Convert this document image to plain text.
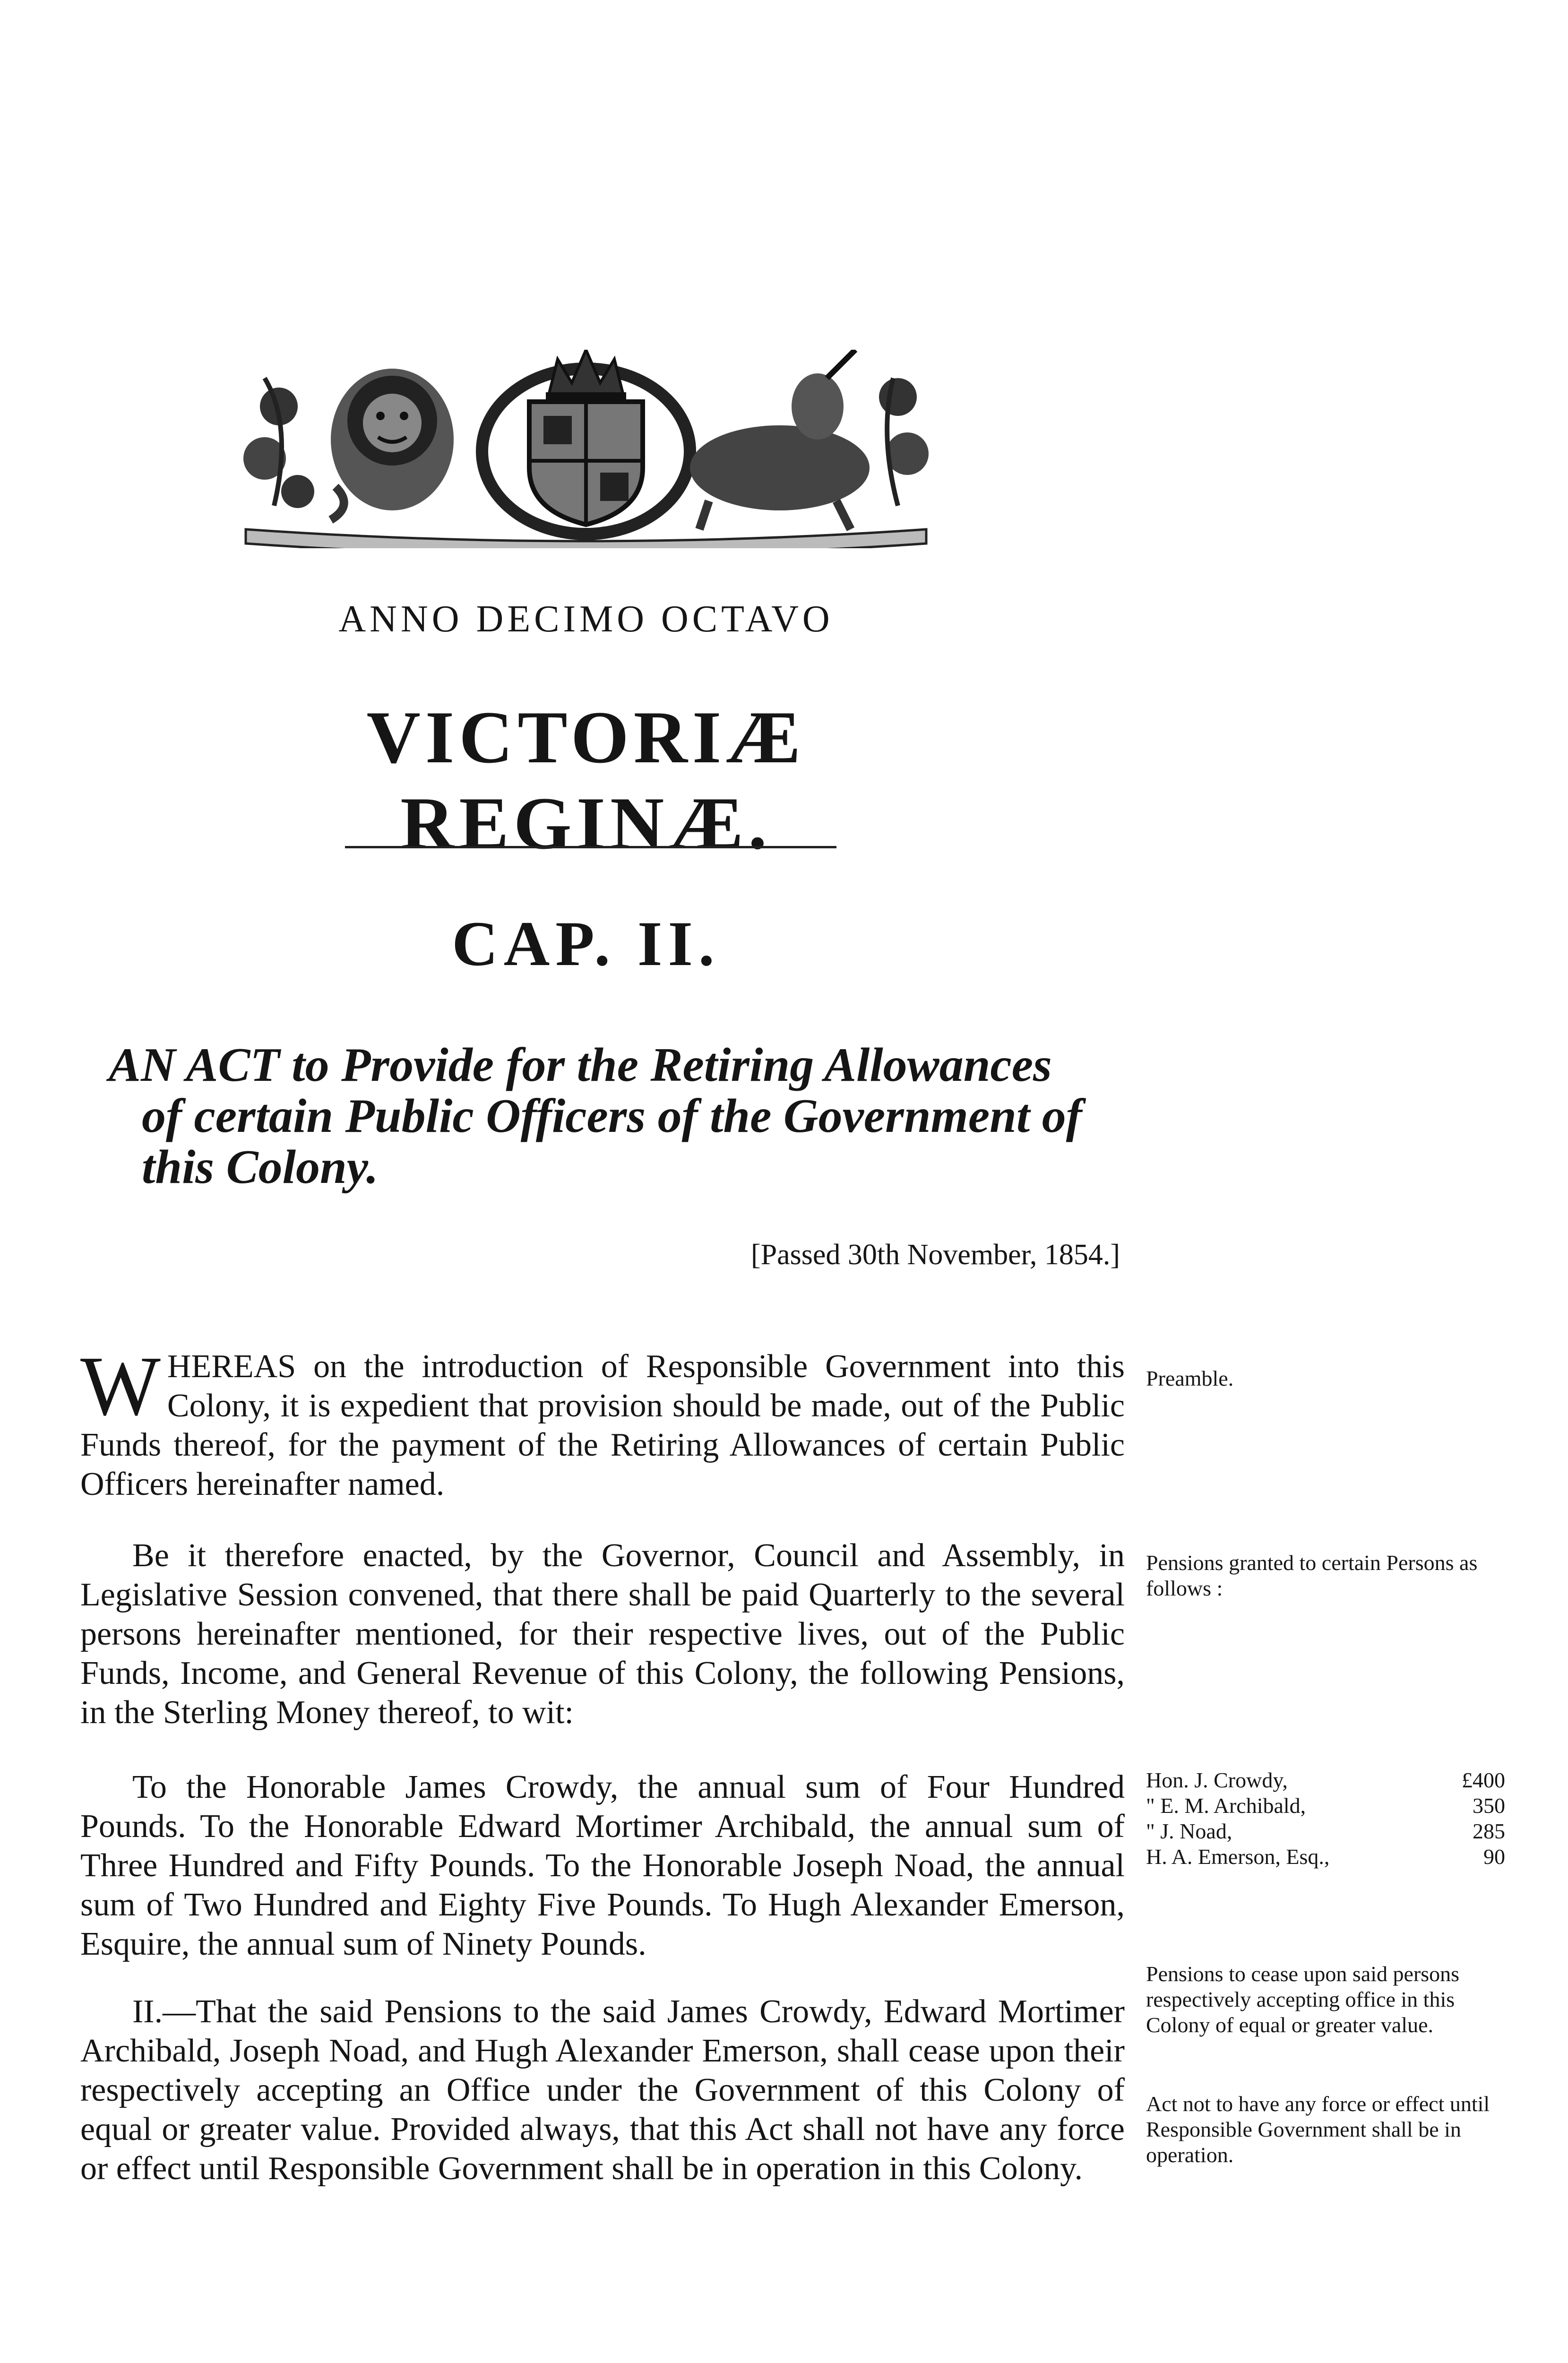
ANNO DECIMO OCTAVO
VICTORIÆ REGINÆ.
CAP. II.
AN ACT to Provide for the Retiring Allowances
of certain Public Officers of the Government of
this Colony.
[Passed 30th November, 1854.]
W HEREAS on the introduction of Responsible Government into this Colony, it is expedient that provision should be made, out of the Public Funds thereof, for the payment of the Retiring Allowances of certain Public Officers hereinafter named.

Be it therefore enacted, by the Governor, Council and Assembly, in Legislative Session convened, that there shall be paid Quarterly to the several persons hereinafter mentioned, for their respective lives, out of the Public Funds, Income, and General Revenue of this Colony, the following Pensions, in the Sterling Money thereof, to wit:

To the Honorable James Crowdy, the annual sum of Four Hundred Pounds. To the Honorable Edward Mortimer Archibald, the annual sum of Three Hundred and Fifty Pounds. To the Honorable Joseph Noad, the annual sum of Two Hundred and Eighty Five Pounds. To Hugh Alexander Emerson, Esquire, the annual sum of Ninety Pounds.

II.—That the said Pensions to the said James Crowdy, Edward Mortimer Archibald, Joseph Noad, and Hugh Alexander Emerson, shall cease upon their respectively accepting an Office under the Government of this Colony of equal or greater value. Provided always, that this Act shall not have any force or effect until Responsible Government shall be in operation in this Colony.

Preamble.
Pensions granted to certain Persons as follows :
Hon. J. Crowdy,	£400
" E. M. Archibald,	350
" J. Noad,	285
H. A. Emerson, Esq.,	90
Pensions to cease upon said persons respectively accepting office in this Colony of equal or greater value.
Act not to have any force or effect until Responsible Government shall be in operation.
